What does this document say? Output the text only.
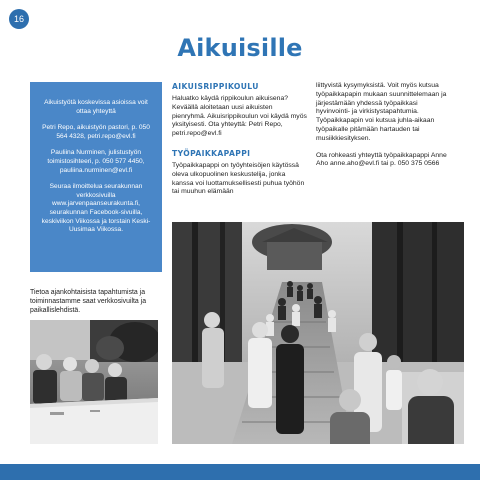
16
Aikuisille

Aikuistyötä koskevissa asioissa voit ottaa yhteyttä

Petri Repo, aikuistyön pastori, p. 050 564 4328, petri.repo@evl.fi

Pauliina Nurminen, julistustyön toimistosihteeri, p. 050 577 4450, pauliina.nurminen@evl.fi

Seuraa ilmoittelua seurakunnan verkkosivuilla www.jarvenpaanseurakunta.fi, seurakunnan Facebook-sivuilla, keskiviikon Viikossa ja torstain Keski-Uusimaa Viikossa.

Tietoa ajankohtaisista tapahtumista ja toiminnastamme saat verkkosivuilta ja paikallislehdistä.
AIKUISRIPPIKOULU

Haluatko käydä rippikoulun aikuisena? Keväällä aloitetaan uusi aikuisten pienryhmä. Aikuisrippikoulun voi käydä myös yksityisesti. Ota yhteyttä: Petri Repo, petri.repo@evl.fi

TYÖPAIKKAPAPPI

Työpaikkapappi on työyhteisöjen käytössä oleva ulkopuolinen keskustelija, jonka kanssa voi luottamuksellisesti puhua työhön tai muuhun elämään

liittyvistä kysymyksistä. Voit myös kutsua työpaikkapapin mukaan suunnittelemaan ja järjestämään yhdessä työpaikkasi hyvinvointi- ja virkistystapahtumia. Työpaikkapapin voi kutsua juhla-aikaan työpaikalle pitämään hartauden tai musiikkiesityksen.

Ota rohkeasti yhteyttä työpaikkapappi Anne Aho anne.aho@evl.fi tai p. 050 375 0566
